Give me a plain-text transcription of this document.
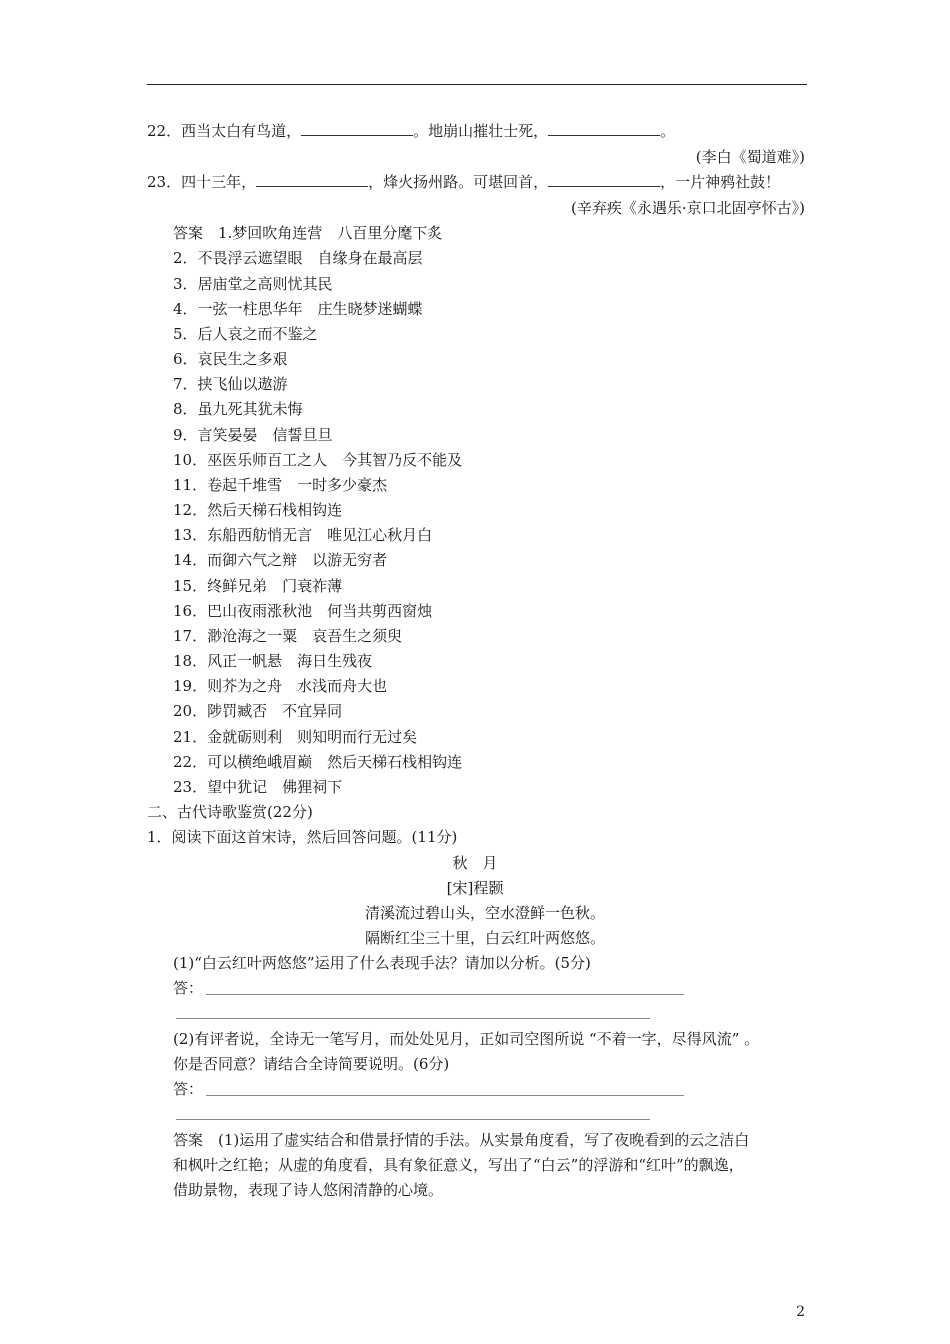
22．西当太白有鸟道，	。地崩山摧壮士死，	。
(李白《蜀道难》)
23．四十三年，	，烽火扬州路。可堪回首，	，一片神鸦社鼓！
(辛弃疾《永遇乐·京口北固亭怀古》)
答案　1.梦回吹角连营　八百里分麾下炙
2．不畏浮云遮望眼　自缘身在最高层
3．居庙堂之高则忧其民
4．一弦一柱思华年　庄生晓梦迷蝴蝶
5．后人哀之而不鉴之
6．哀民生之多艰
7．挟飞仙以遨游
8．虽九死其犹未悔
9．言笑晏晏　信誓旦旦
10．巫医乐师百工之人　今其智乃反不能及
11．卷起千堆雪　一时多少豪杰
12．然后天梯石栈相钩连
13．东船西舫悄无言　唯见江心秋月白
14．而御六气之辩　以游无穷者
15．终鲜兄弟　门衰祚薄
16．巴山夜雨涨秋池　何当共剪西窗烛
17．渺沧海之一粟　哀吾生之须臾
18．风正一帆悬　海日生残夜
19．则芥为之舟　水浅而舟大也
20．陟罚臧否　不宜异同
21．金就砺则利　则知明而行无过矣
22．可以横绝峨眉巅　然后天梯石栈相钩连
23．望中犹记　佛狸祠下
二、古代诗歌鉴赏(22分)
1．阅读下面这首宋诗，然后回答问题。(11分)
秋　月
[宋]程颢
清溪流过碧山头，空水澄鲜一色秋。
隔断红尘三十里，白云红叶两悠悠。
(1)“白云红叶两悠悠”运用了什么表现手法？请加以分析。(5分)
答：
(2)有评者说，全诗无一笔写月，而处处见月，正如司空图所说 “不着一字，尽得风流” 。
你是否同意？请结合全诗简要说明。(6分)
答：
答案　(1)运用了虚实结合和借景抒情的手法。从实景角度看，写了夜晚看到的云之洁白
和枫叶之红艳；从虚的角度看，具有象征意义，写出了“白云”的浮游和“红叶”的飘逸，
借助景物，表现了诗人悠闲清静的心境。
2
